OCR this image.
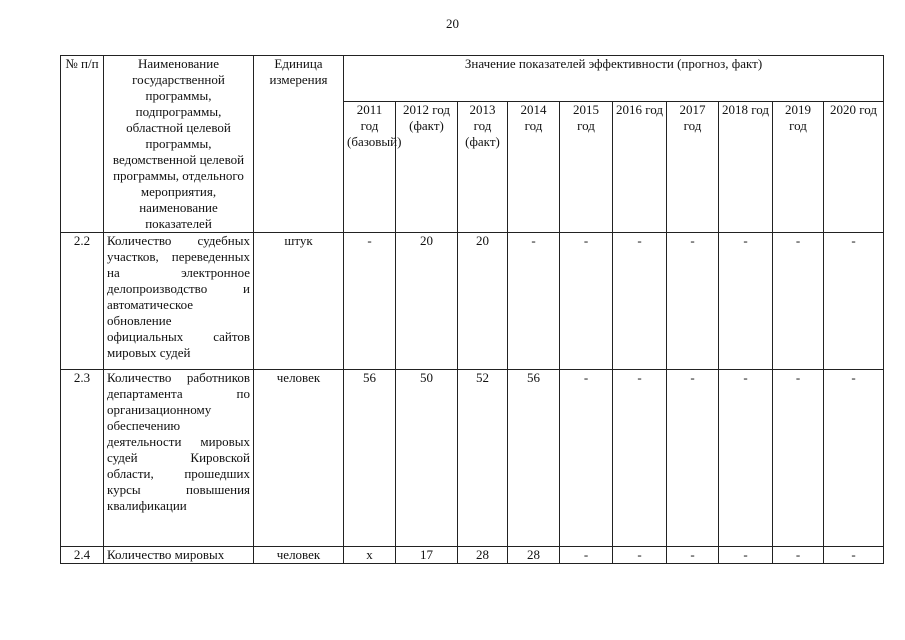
20
№ п/п	Наименование государственной программы, подпрограммы, областной целевой программы, ведомственной целевой программы, отдельного мероприятия, наименование показателей	Единица измерения	Значение показателей эффективности (прогноз, факт)									
			2011 год (базовый)	2012 год (факт)	2013 год (факт)	2014 год	2015 год	2016 год	2017 год	2018 год	2019 год	2020 год
2.2	Количество судебных участков, переведенных на электронное делопроизводство и автоматическое обновление официальных сайтов мировых судей	штук	-	20	20	-	-	-	-	-	-	-
2.3	Количество работников департамента по организационному обеспечению деятельности мировых судей Кировской области, прошедших курсы повышения квалификации	человек	56	50	52	56	-	-	-	-	-	-
2.4	Количество мировых	человек	x	17	28	28	-	-	-	-	-	-
